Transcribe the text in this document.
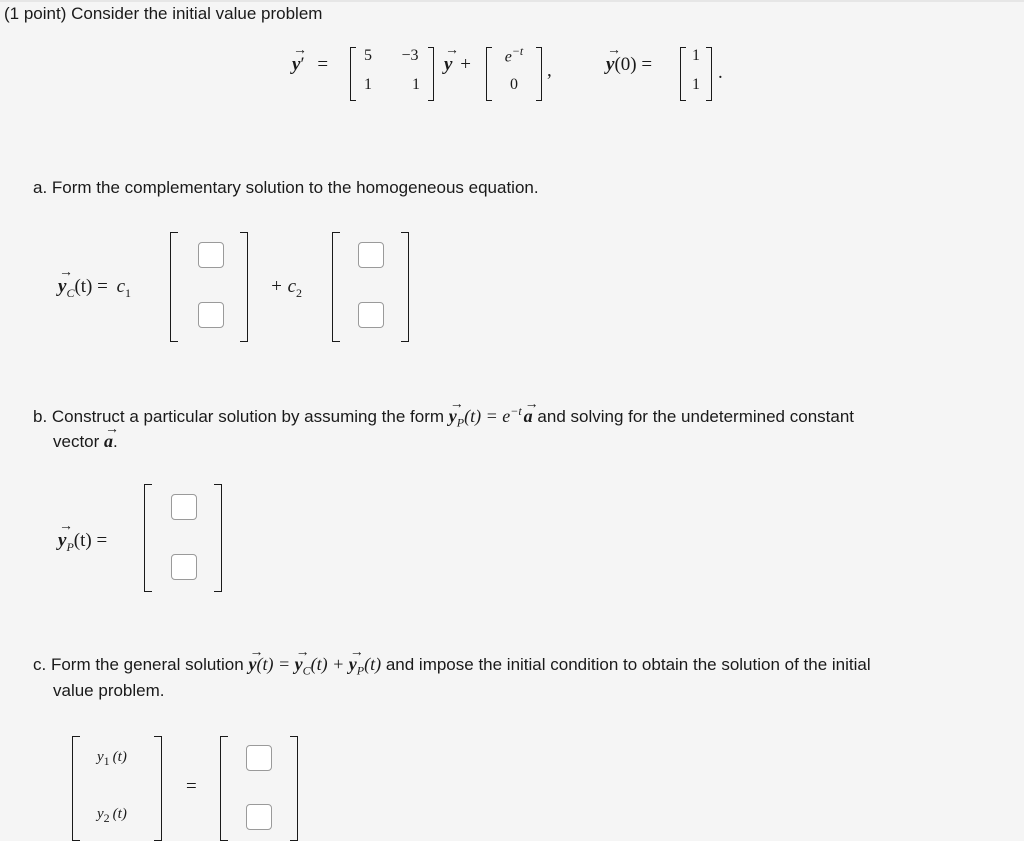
(1 point) Consider the initial value problem
→ y′ =	5	−3
1	1
→ y +	$e^{-t}$
0
,	→ y(0) = 1
1
.
a. Form the complementary solution to the homogeneous equation.
→ $y_C(t) = c_1$	+ $c_2$
b. Construct a particular solution by assuming the form → $y_P(t) = e^{-t} \to a$ and solving for the undetermined constant
vector → a.
→ $y_P(t)$ =
c. Form the general solution → y(t) = → $y_C(t)$ + → $y_P(t)$ and impose the initial condition to obtain the solution of the initial
value problem.
$y_1$ (t)
$y_2$ (t)
=
